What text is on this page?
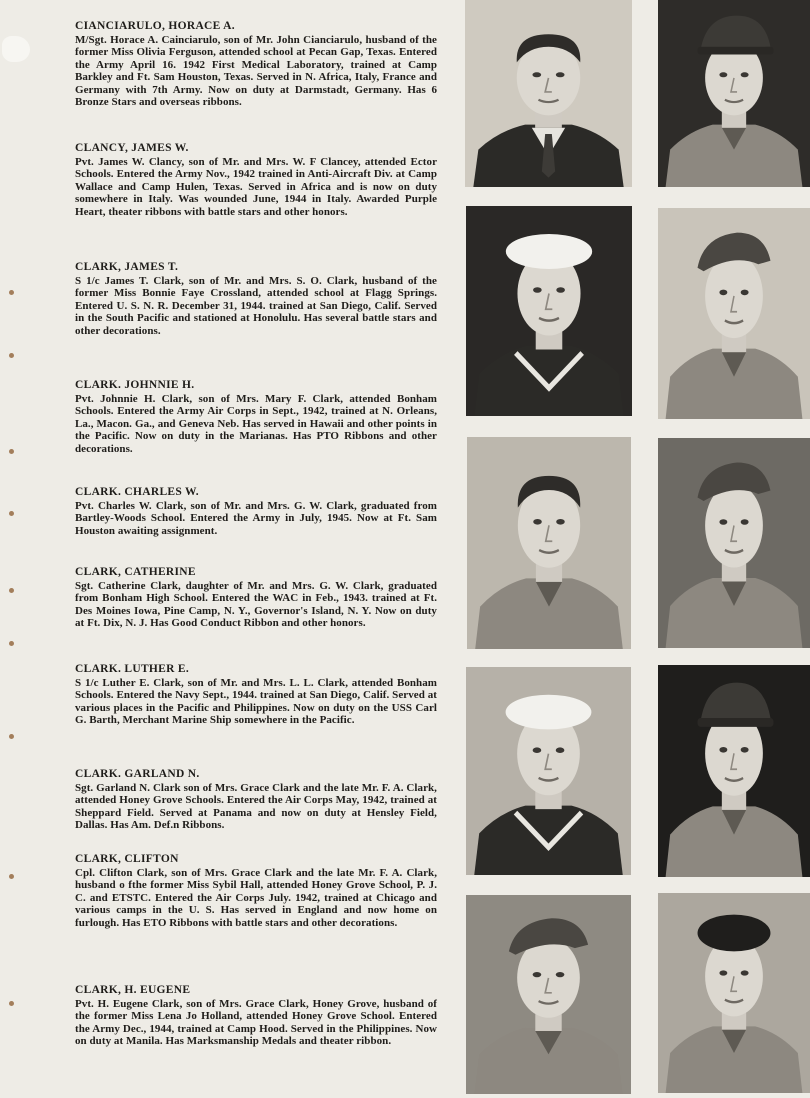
CIANCIARULO, HORACE A.

M/Sgt. Horace A. Cainciarulo, son of Mr. John Cianciarulo, husband of the former Miss Olivia Ferguson, attended school at Pecan Gap, Texas. Entered the Army April 16. 1942 First Medical Laboratory, trained at Camp Barkley and Ft. Sam Houston, Texas. Served in N. Africa, Italy, France and Germany with 7th Army. Now on duty at Darmstadt, Germany. Has 6 Bronze Stars and overseas ribbons.

CLANCY, JAMES W.

Pvt. James W. Clancy, son of Mr. and Mrs. W. F Clancey, attended Ector Schools. Entered the Army Nov., 1942 trained in Anti-Aircraft Div. at Camp Wallace and Camp Hulen, Texas. Served in Africa and is now on duty somewhere in Italy. Was wounded June, 1944 in Italy. Awarded Purple Heart, theater ribbons with battle stars and other honors.

CLARK, JAMES T.

S 1/c James T. Clark, son of Mr. and Mrs. S. O. Clark, husband of the former Miss Bonnie Faye Crossland, attended school at Flagg Springs. Entered U. S. N. R. December 31, 1944. trained at San Diego, Calif. Served in the South Pacific and stationed at Honolulu. Has several battle stars and other decorations.

CLARK. JOHNNIE H.

Pvt. Johnnie H. Clark, son of Mrs. Mary F. Clark, attended Bonham Schools. Entered the Army Air Corps in Sept., 1942, trained at N. Orleans, La., Macon. Ga., and Geneva Neb. Has served in Hawaii and other points in the Pacific. Now on duty in the Marianas. Has PTO Ribbons and other decorations.

CLARK. CHARLES W.

Pvt. Charles W. Clark, son of Mr. and Mrs. G. W. Clark, graduated from Bartley-Woods School. Entered the Army in July, 1945. Now at Ft. Sam Houston awaiting assignment.

CLARK, CATHERINE

Sgt. Catherine Clark, daughter of Mr. and Mrs. G. W. Clark, graduated from Bonham High School. Entered the WAC in Feb., 1943. trained at Ft. Des Moines Iowa, Pine Camp, N. Y., Governor's Island, N. Y. Now on duty at Ft. Dix, N. J. Has Good Conduct Ribbon and other honors.

CLARK. LUTHER E.

S 1/c Luther E. Clark, son of Mr. and Mrs. L. L. Clark, attended Bonham Schools. Entered the Navy Sept., 1944. trained at San Diego, Calif. Served at various places in the Pacific and Philippines. Now on duty on the USS Carl G. Barth, Merchant Marine Ship somewhere in the Pacific.

CLARK. GARLAND N.

Sgt. Garland N. Clark son of Mrs. Grace Clark and the late Mr. F. A. Clark, attended Honey Grove Schools. Entered the Air Corps May, 1942, trained at Sheppard Field. Served at Panama and now on duty at Hensley Field, Dallas. Has Am. Def.n Ribbons.

CLARK, CLIFTON

Cpl. Clifton Clark, son of Mrs. Grace Clark and the late Mr. F. A. Clark, husband o fthe former Miss Sybil Hall, attended Honey Grove School, P. J. C. and ETSTC. Entered the Air Corps July. 1942, trained at Chicago and various camps in the U. S. Has served in England and now home on furlough. Has ETO Ribbons with battle stars and other decorations.

CLARK, H. EUGENE

Pvt. H. Eugene Clark, son of Mrs. Grace Clark, Honey Grove, husband of the former Miss Lena Jo Holland, attended Honey Grove School. Entered the Army Dec., 1944, trained at Camp Hood. Served in the Philippines. Now on duty at Manila. Has Marksmanship Medals and theater ribbon.
